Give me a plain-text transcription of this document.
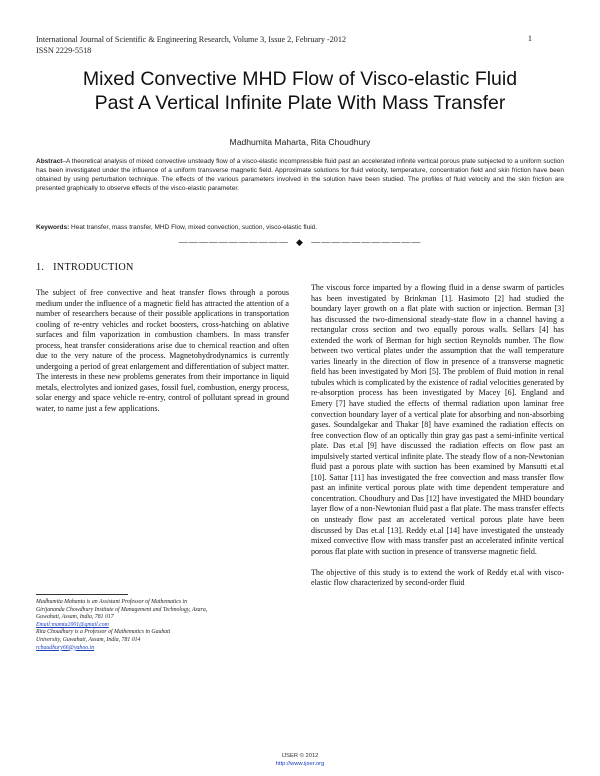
International Journal of Scientific & Engineering Research, Volume 3, Issue 2, February -2012
ISSN 2229-5518
1
Mixed Convective MHD Flow of Visco-elastic Fluid
Past A Vertical Infinite Plate With Mass Transfer
Madhumita Maharta, Rita Choudhury
Abstract–A theoretical analysis of mixed convective unsteady flow of a visco-elastic incompressible fluid past an accelerated infinite vertical porous plate subjected to a uniform suction has been investigated under the influence of a uniform transverse magnetic field. Approximate solutions for fluid velocity, temperature, concentration field and skin friction have been obtained by using perturbation technique. The effects of the various parameters involved in the solution have been studied. The profiles of fluid velocity and the skin friction are presented graphically to observe effects of the visco-elastic parameter.
Keywords: Heat transfer, mass transfer, MHD Flow, mixed convection, suction, visco-elastic fluid.
——————————— ◆ ———————————
1. INTRODUCTION

The subject of free convective and heat transfer flows through a porous medium under the influence of a magnetic field has attracted the attention of a number of researchers because of their possible applications in transportation cooling of re-entry vehicles and rocket boosters, cross-hatching on ablative surfaces and film vaporization in combustion chambers. In mass transfer process, heat transfer considerations arise due to chemical reaction and often due to the very nature of the process. Magnetohydrodynamics is currently undergoing a period of great enlargement and differentiation of subject matter. The interests in these new problems generates from their importance in liquid metals, electrolytes and ionized gases, fossil fuel, combustion, energy process, solar energy and space vehicle re-entry, control of pollutant spread in ground water, to name just a few applications.

The viscous force imparted by a flowing fluid in a dense swarm of particles has been investigated by Brinkman [1]. Hasimoto [2] had studied the boundary layer growth on a flat plate with suction or injection. Berman [3] has discussed the two-dimensional steady-state flow in a channel having a rectangular cross section and two equally porous walls. Sellars [4] has extended the work of Berman for high section Reynolds number. The flow between two vertical plates under the assumption that the wall temperature varies linearly in the direction of flow in presence of a transverse magnetic field has been investigated by Mori [5]. The problem of fluid motion in renal tubules which is complicated by the existence of radial velocities generated by re-absorption process has been investigated by Macey [6]. England and Emery [7] have studied the effects of thermal radiation upon laminar free convection boundary layer of a vertical plate for absorbing and non-absorbing gases. Soundalgekar and Thakar [8] have examined the radiation effects on free convection flow of an optically thin gray gas past a semi-infinite vertical plate. Das et.al [9] have discussed the radiation effects on flow past an impulsively started vertical infinite plate. The steady flow of a non-Newtonian fluid past a porous plate with suction has been examined by Mansutti et.al [10]. Sattar [11] has investigated the free convection and mass transfer flow past an infinite vertical porous plate with time dependent temperature and concentration. Choudhury and Das [12] have investigated the MHD boundary layer flow of a non-Newtonian fluid past a flat plate. The mass transfer effects on unsteady flow past an accelerated vertical porous plate have been discussed by Das et.al [13]. Reddy et.al [14] have investigated the unsteady mixed convective flow with mass transfer past an accelerated infinite vertical porous flat plate with suction in presence of transverse magnetic field.

The objective of this study is to extend the work of Reddy et.al with visco-elastic flow characterized by second-order fluid

Madhumita Mahanta is an Assistant Professor of Mathematics in
Girijananda Chowdhury Institute of Management and Technology, Azara,
Guwahati, Assam, India, 781 017
Email:mamta2001@gmail.com
Rita Choudhury is a Professor of Mathematics in Gauhati
University, Guwahati, Assam, India, 781 014
rchaudhury66@yahoo.in
IJSER © 2012
http://www.ijser.org
